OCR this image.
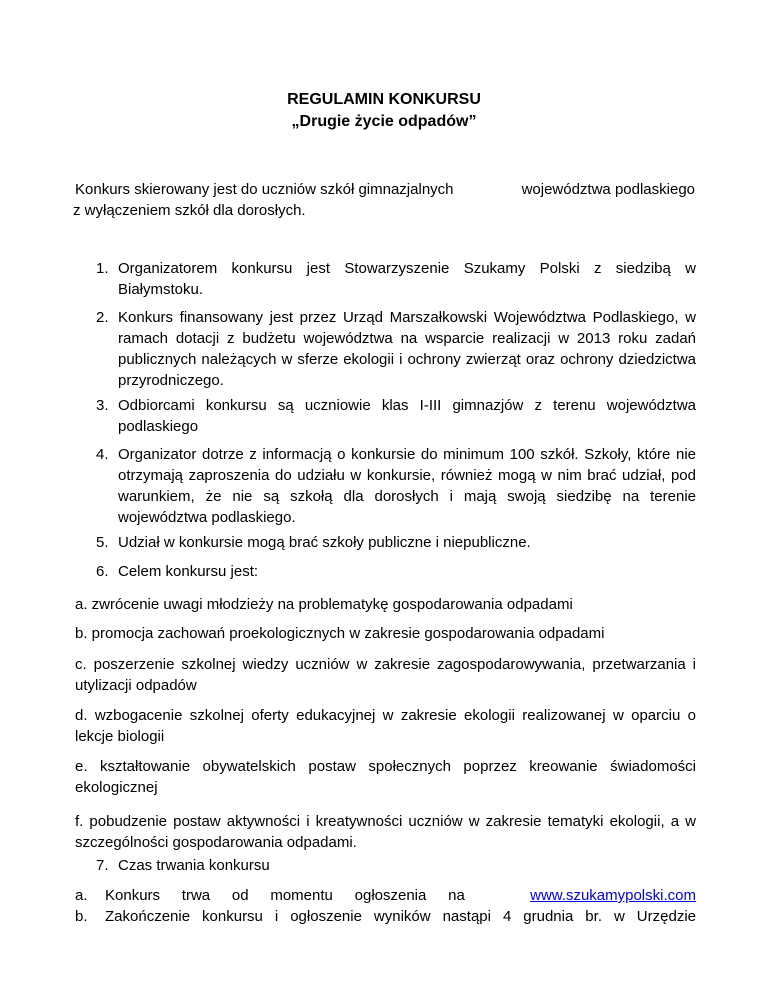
REGULAMIN KONKURSU
„Drugie życie odpadów”
Konkurs skierowany jest do uczniów szkół gimnazjalnych	województwa podlaskiego
z wyłączeniem szkół dla dorosłych.
1. Organizatorem konkursu jest Stowarzyszenie Szukamy Polski z siedzibą w Białymstoku.
2. Konkurs finansowany jest przez Urząd Marszałkowski Województwa Podlaskiego, w ramach dotacji z budżetu województwa na wsparcie realizacji w 2013 roku zadań publicznych należących w sferze ekologii i ochrony zwierząt oraz ochrony dziedzictwa przyrodniczego.
3. Odbiorcami konkursu są uczniowie klas I-III gimnazjów z terenu województwa podlaskiego
4. Organizator dotrze z informacją o konkursie do minimum 100 szkół. Szkoły, które nie otrzymają zaproszenia do udziału w konkursie, również mogą w nim brać udział, pod warunkiem, że nie są szkołą dla dorosłych i mają swoją siedzibę na terenie województwa podlaskiego.
5. Udział w konkursie mogą brać szkoły publiczne i niepubliczne.
6. Celem konkursu jest:
a. zwrócenie uwagi młodzieży na problematykę gospodarowania odpadami
b. promocja zachowań proekologicznych w zakresie gospodarowania odpadami
c. poszerzenie szkolnej wiedzy uczniów w zakresie zagospodarowywania, przetwarzania i utylizacji odpadów
d. wzbogacenie szkolnej oferty edukacyjnej w zakresie ekologii realizowanej w oparciu o lekcje biologii
e. kształtowanie obywatelskich postaw społecznych poprzez kreowanie świadomości ekologicznej
f. pobudzenie postaw aktywności i kreatywności uczniów w zakresie tematyki ekologii, a w szczególności gospodarowania odpadami.
7. Czas trwania konkursu
a. Konkurs trwa od momentu ogłoszenia na	www.szukamypolski.com
b. Zakończenie konkursu i ogłoszenie wyników nastąpi 4 grudnia br. w Urzędzie
